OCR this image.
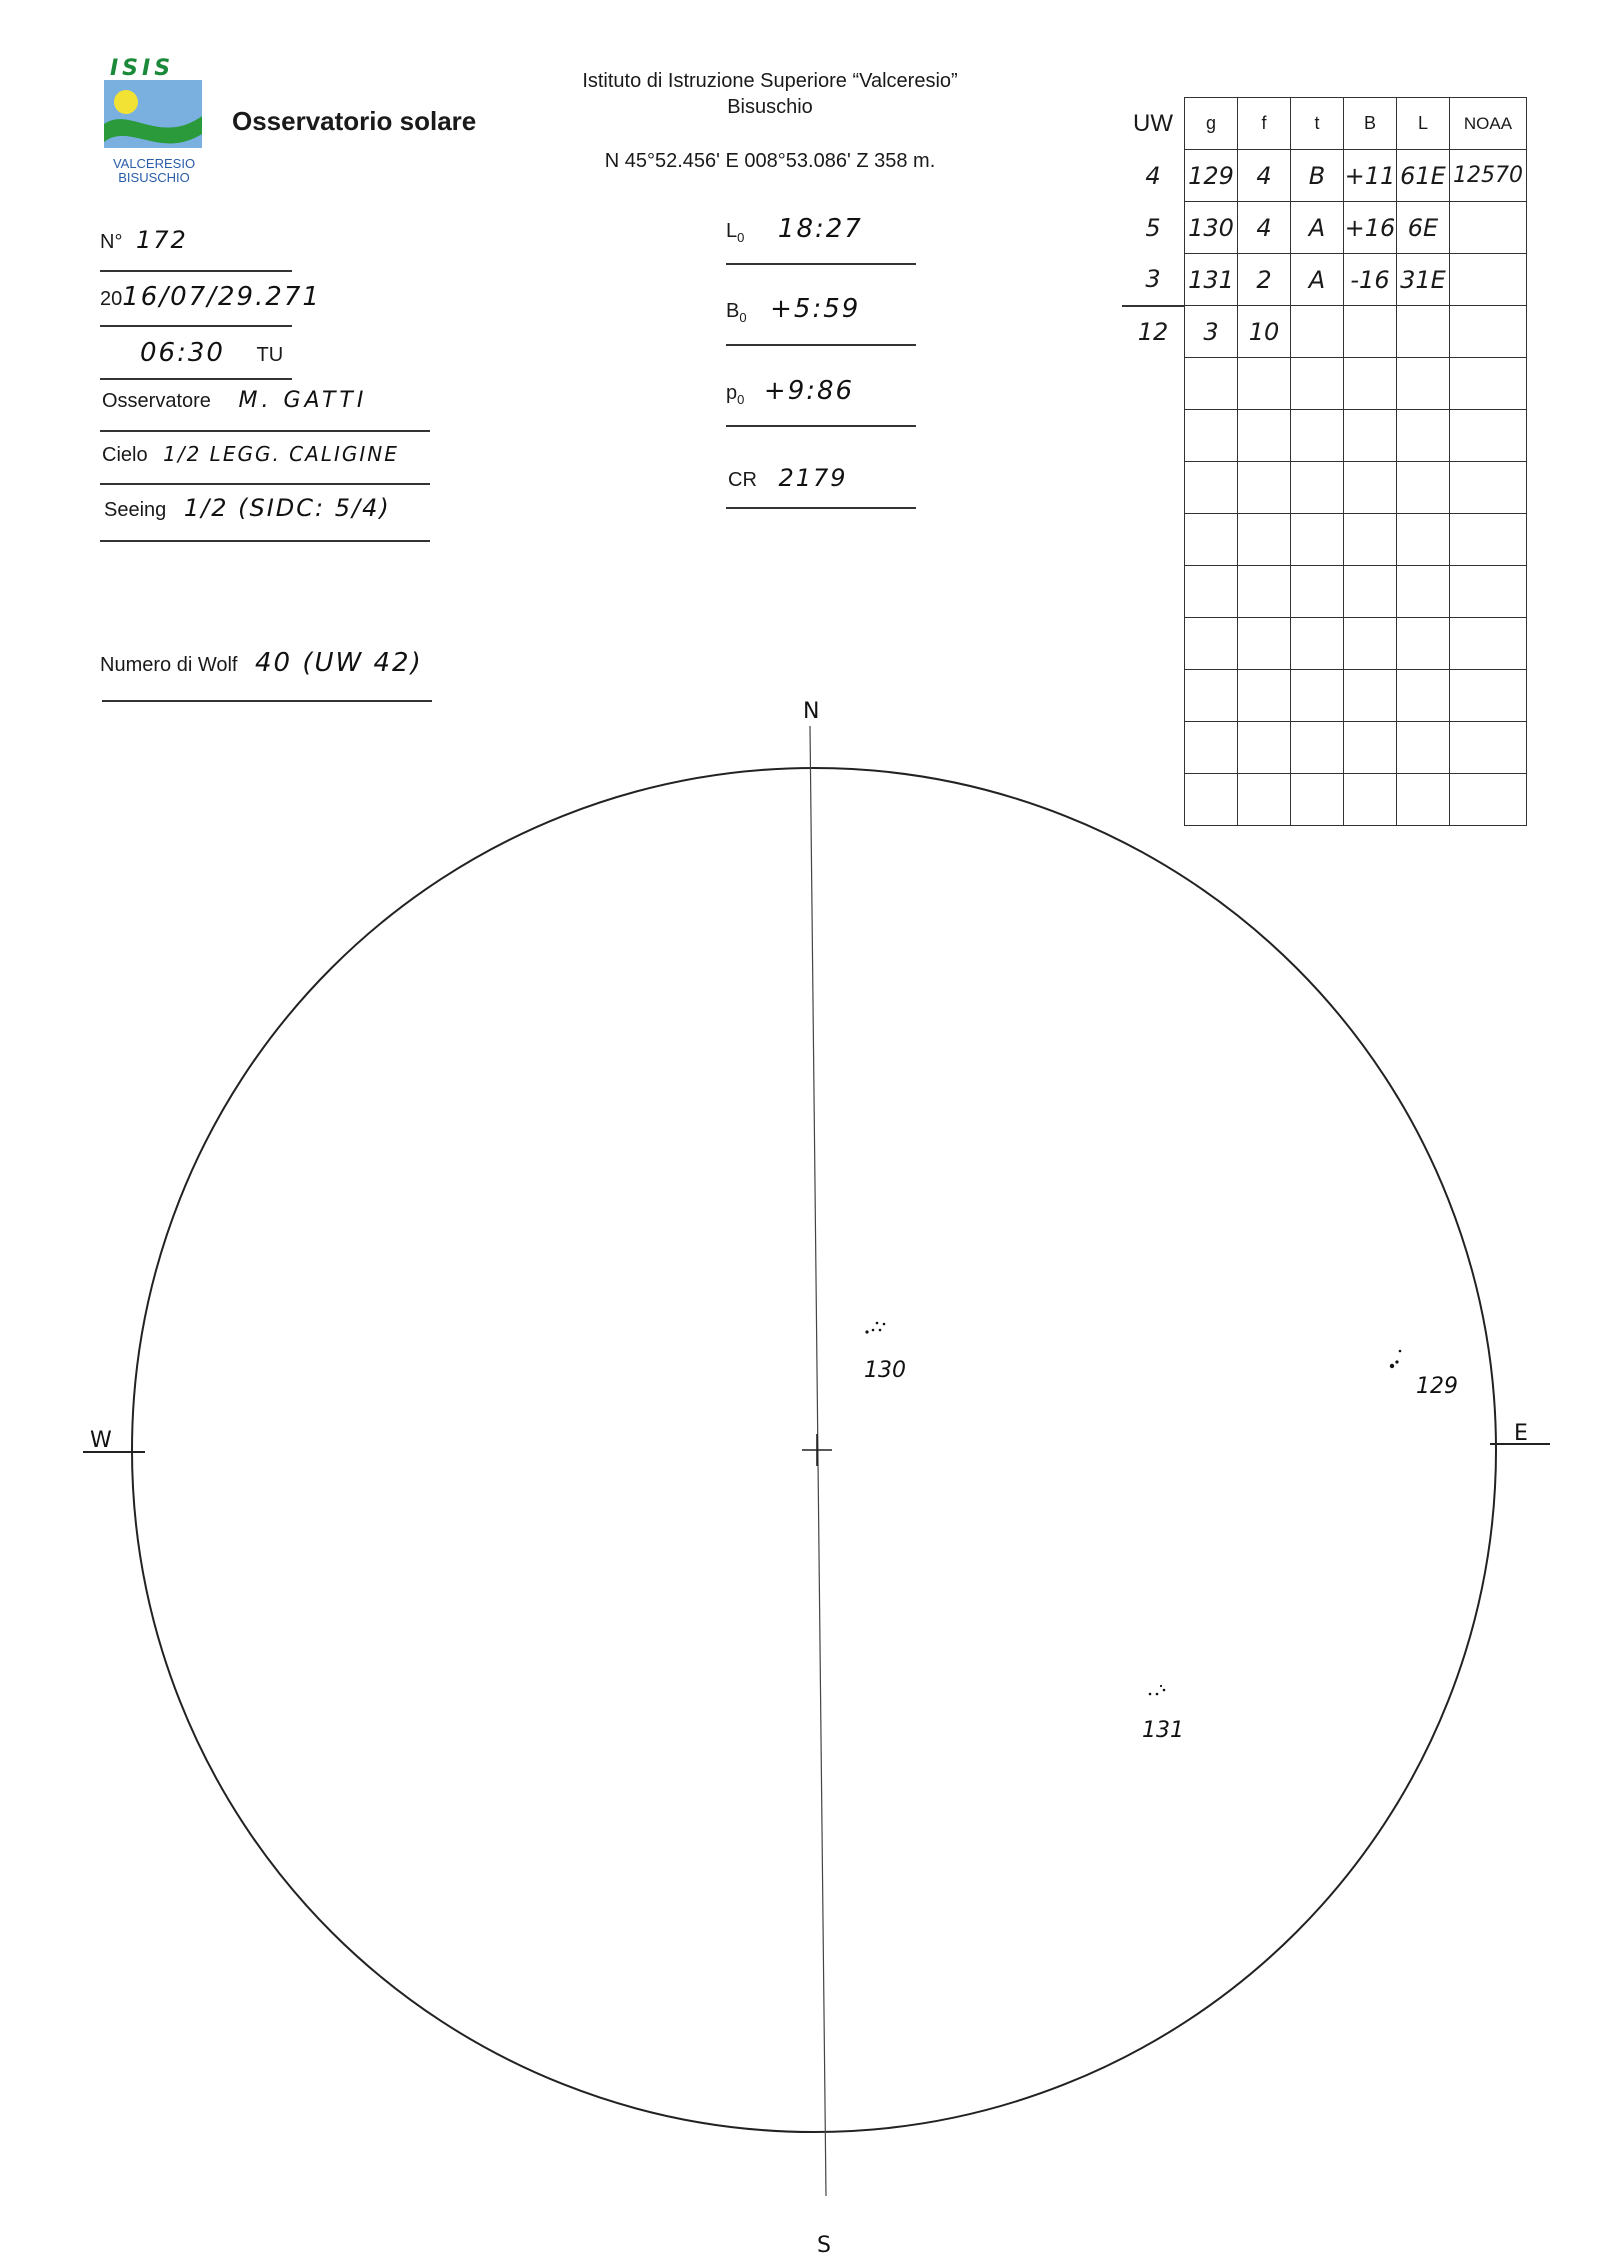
ISIS
VALCERESIO
BISUSCHIO
Osservatorio solare
Istituto di Istruzione Superiore “Valceresio”
Bisuschio
N 45°52.456' E 008°53.086' Z 358 m.
N° 172
2016/07/29.271
06:30 TU
Osservatore M. GATTI
Cielo 1/2 LEGG. CALIGINE
Seeing 1/2 (SIDC: 5/4)
Numero di Wolf 40 (UW 42)
$L_0$ 18:27
$B_0$ +5:59
$p_0$ +9:86
CR 2179
UW	g	f	t	B	L	NOAA
4	129	4	B	+11	61E	12570
5	130	4	A	+16	6E	
3	131	2	A	-16	31E	
12	3	10				

N
S
E
W
130
129
131
